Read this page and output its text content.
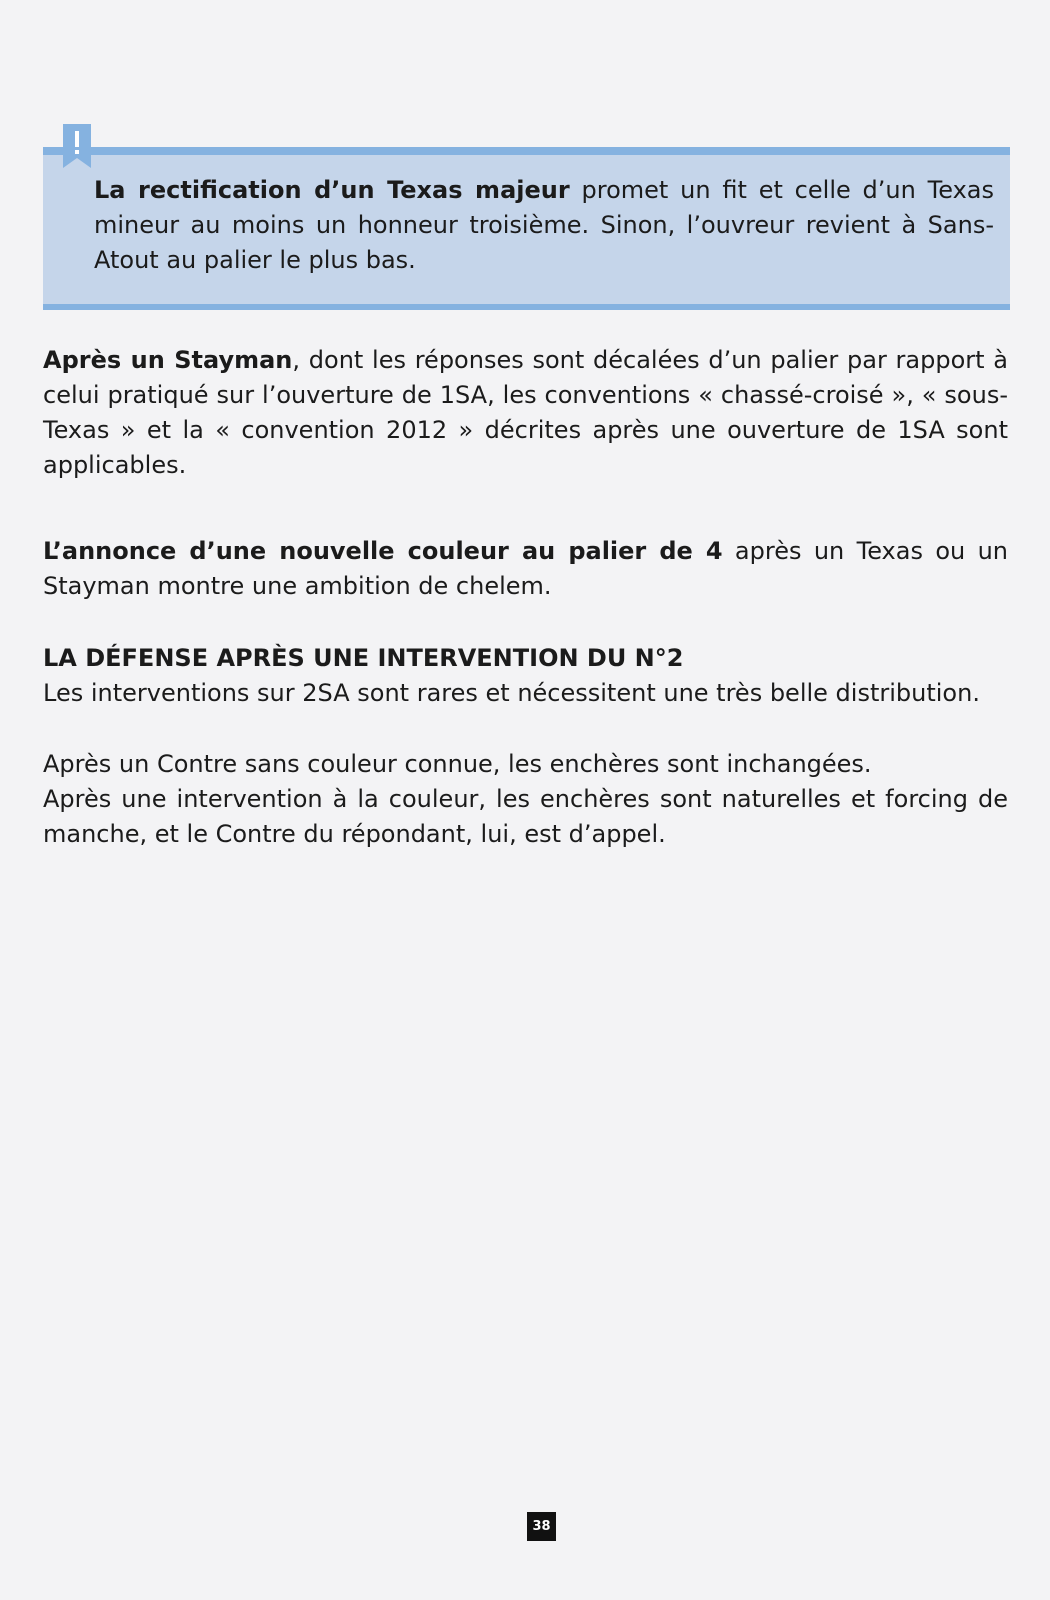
La rectification d’un Texas majeur promet un fit et celle d’un Texas mineur au moins un honneur troisième. Sinon, l’ouvreur revient à Sans-Atout au palier le plus bas.
Après un Stayman, dont les réponses sont décalées d’un palier par rapport à celui pratiqué sur l’ouverture de 1SA, les conventions « chassé-croisé », « sous-Texas » et la « convention 2012 » décrites après une ouverture de 1SA sont applicables.
L’annonce d’une nouvelle couleur au palier de 4 après un Texas ou un Stayman montre une ambition de chelem.
LA DÉFENSE APRÈS UNE INTERVENTION DU N°2
Les interventions sur 2SA sont rares et nécessitent une très belle distribution.
Après un Contre sans couleur connue, les enchères sont inchangées.
Après une intervention à la couleur, les enchères sont naturelles et forcing de manche, et le Contre du répondant, lui, est d’appel.
38
